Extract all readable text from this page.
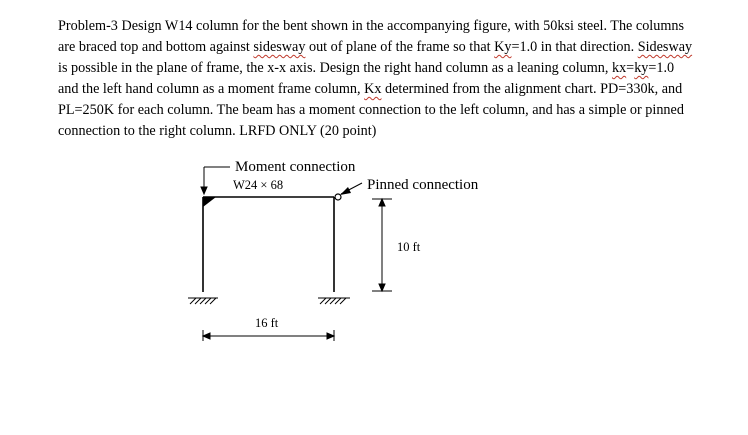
Problem-3 Design W14 column for the bent shown in the accompanying figure, with 50ksi steel. The columns are braced top and bottom against sidesway out of plane of the frame so that Ky=1.0 in that direction. Sidesway is possible in the plane of frame, the x-x axis. Design the right hand column as a leaning column, kx=ky=1.0 and the left hand column as a moment frame column, Kx determined from the alignment chart. PD=330k, and PL=250K for each column. The beam has a moment connection to the left column, and has a simple or pinned connection to the right column. LRFD ONLY (20 point)

Moment connection
W24 × 68	Pinned connection
10 ft
16 ft
